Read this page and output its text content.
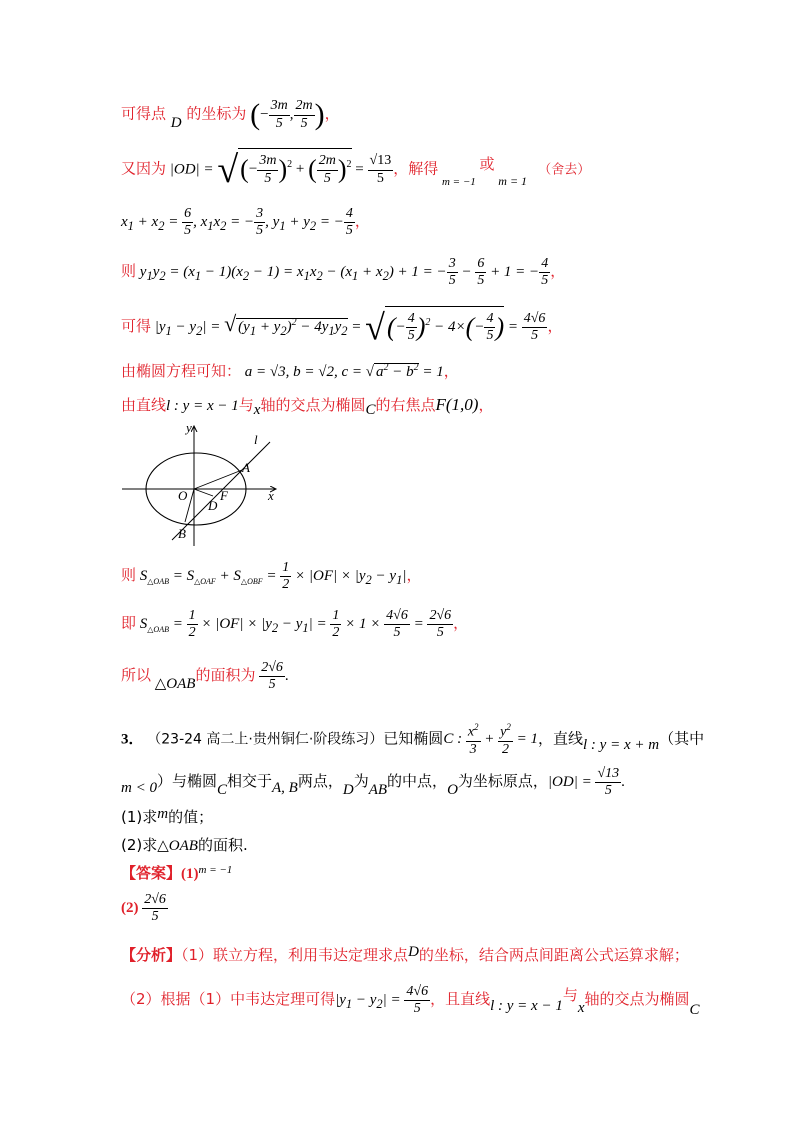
可得点 D 的坐标为 (− $\frac{3m}{5}$ , $\frac{2m}{5}$ )，
又因为 |OD| = √(− $\frac{3m}{5} )^2$ + ( $\frac{2m}{5} )^2 = \frac{√13}{5}$ ，解得 $_{m = -1}$ 或 $_{m = 1}$   （舍去）
$x_1 + x_2 = \frac{6}{5}$ , $x_1x_2$ = − $\frac{3}{5}$ , $y_1 + y_2$ = − $\frac{4}{5}$ ，
则 $y_1y_2 = (x_1 - 1)(x_2 - 1) = x_1x_2 - (x_1 + x_2) + 1$ = − $\frac{3}{5} - \frac{6}{5} + 1$ = − $\frac{4}{5}$ ，
可得 $|y_1 - y_2|$ = √ $(y_1 + y_2)^2 - 4y_1y_2$ = √(− $\frac{4}{5} )^2 - 4\times(- \frac{4}{5}$ ) = $\frac{4√6}{5}$ ，
由椭圆方程可知： a = √3, b = √2, c = √ $a^2 - b^2 = 1$，
由直线l : y = x − 1与x轴的交点为椭圆C的右焦点F(1,0)，
y
x
l
O	F
A
B
D
则 $S_{\triangle OAB} = S_{\triangle OAF} + S_{\triangle OBF} = \frac{1}{2} \times |OF| \times |y_2 - y_1|$，
即 $S_{\triangle OAB} = \frac{1}{2} \times |OF| \times |y_2 - y_1| = \frac{1}{2} \times 1 \times \frac{4√6}{5} = \frac{2√6}{5}$ ，
所以 △OAB的面积为 $\frac{2√6}{5}$ .
3． （23-24 高二上·贵州铜仁·阶段练习）已知椭圆C : $\frac{x^2}{3} + \frac{y^2}{2} = 1$，直线l : y = x + m（其中
m < 0）与椭圆C相交于A, B两点，D为AB的中点，O为坐标原点，$|OD| = \frac{√13}{5}$ .
(1)求m的值；
(2)求△OAB的面积.
【答案】$(1)^{m = -1}$
$(2) \frac{2√6}{5}$
【分析】（1）联立方程，利用韦达定理求点D的坐标，结合两点间距离公式运算求解；
（2）根据（1）中韦达定理可得$|y_1 - y_2| = \frac{4√6}{5}$ ，且直线l : y = x − 1与x轴的交点为椭圆C
